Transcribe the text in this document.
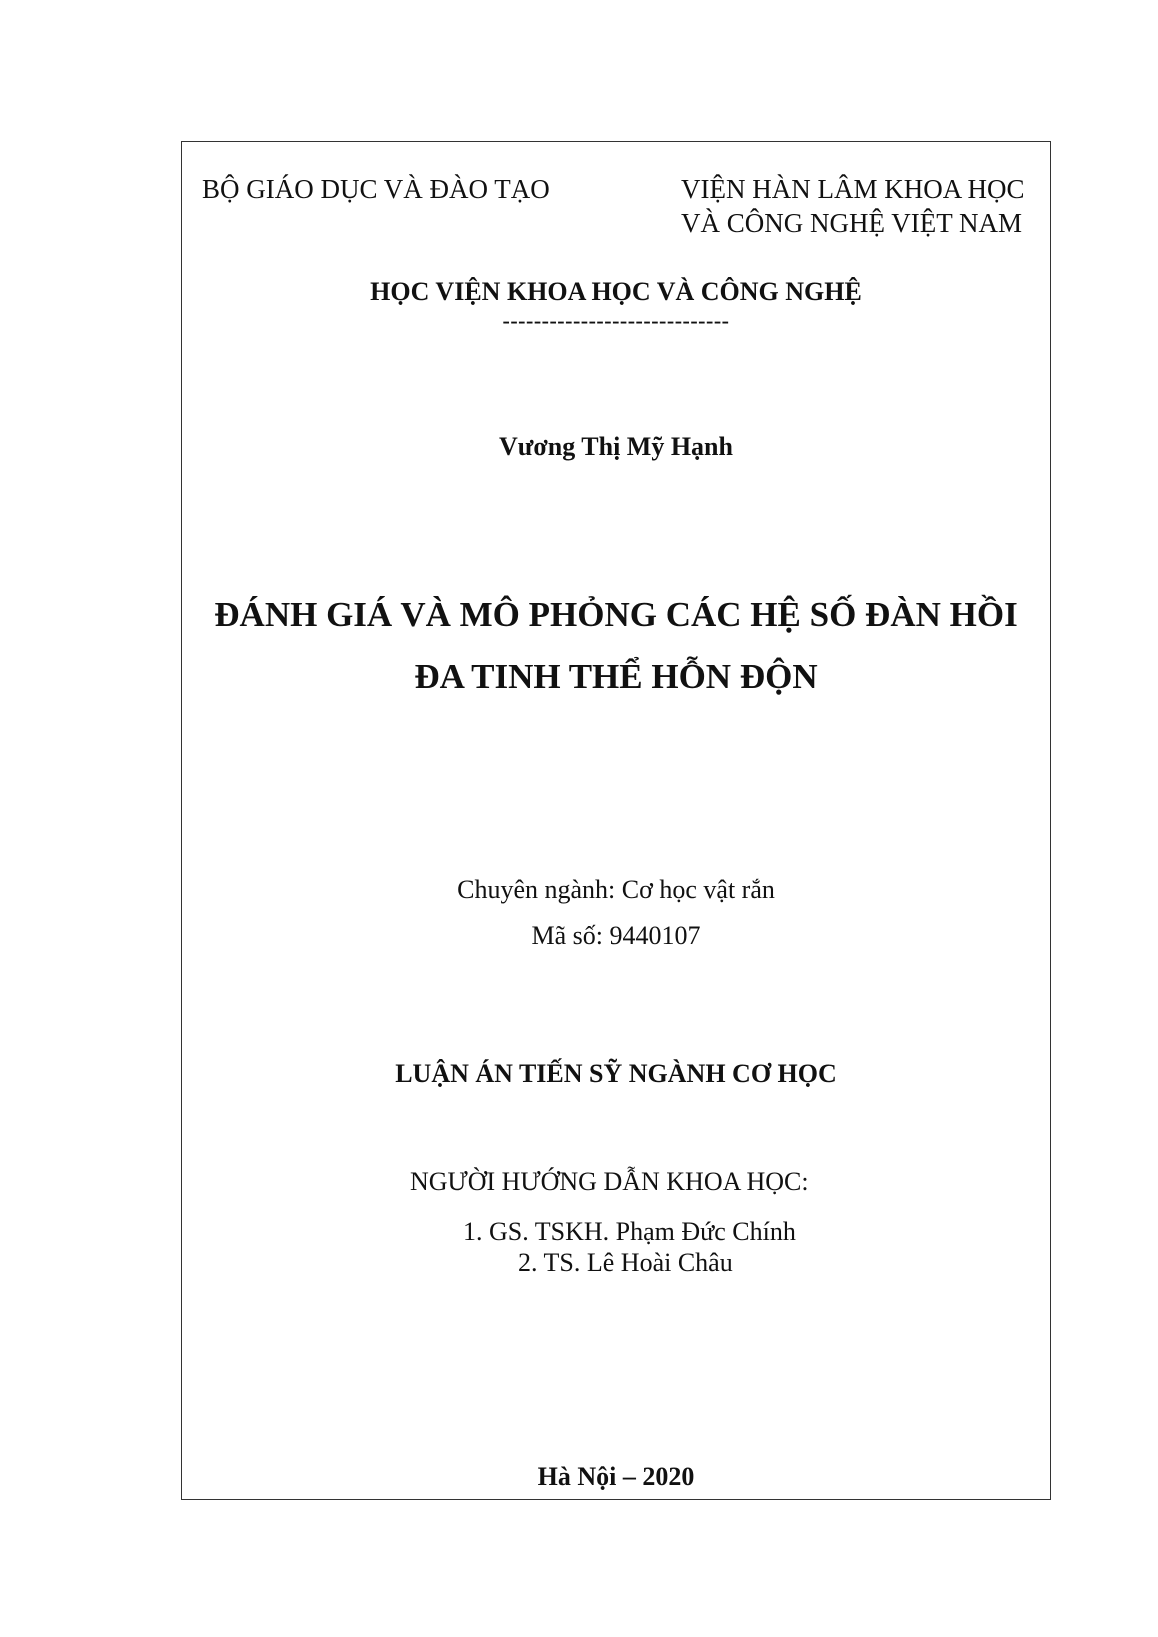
BỘ GIÁO DỤC VÀ ĐÀO TẠO	VIỆN HÀN LÂM KHOA HỌC
VÀ CÔNG NGHỆ VIỆT NAM
HỌC VIỆN KHOA HỌC VÀ CÔNG NGHỆ
-----------------------------
Vương Thị Mỹ Hạnh
ĐÁNH GIÁ VÀ MÔ PHỎNG CÁC HỆ SỐ ĐÀN HỒI
ĐA TINH THỂ HỖN ĐỘN
Chuyên ngành: Cơ học vật rắn
Mã số: 9440107
LUẬN ÁN TIẾN SỸ NGÀNH CƠ HỌC
NGƯỜI HƯỚNG DẪN KHOA HỌC:
1. GS. TSKH. Phạm Đức Chính
2. TS. Lê Hoài Châu
Hà Nội – 2020
